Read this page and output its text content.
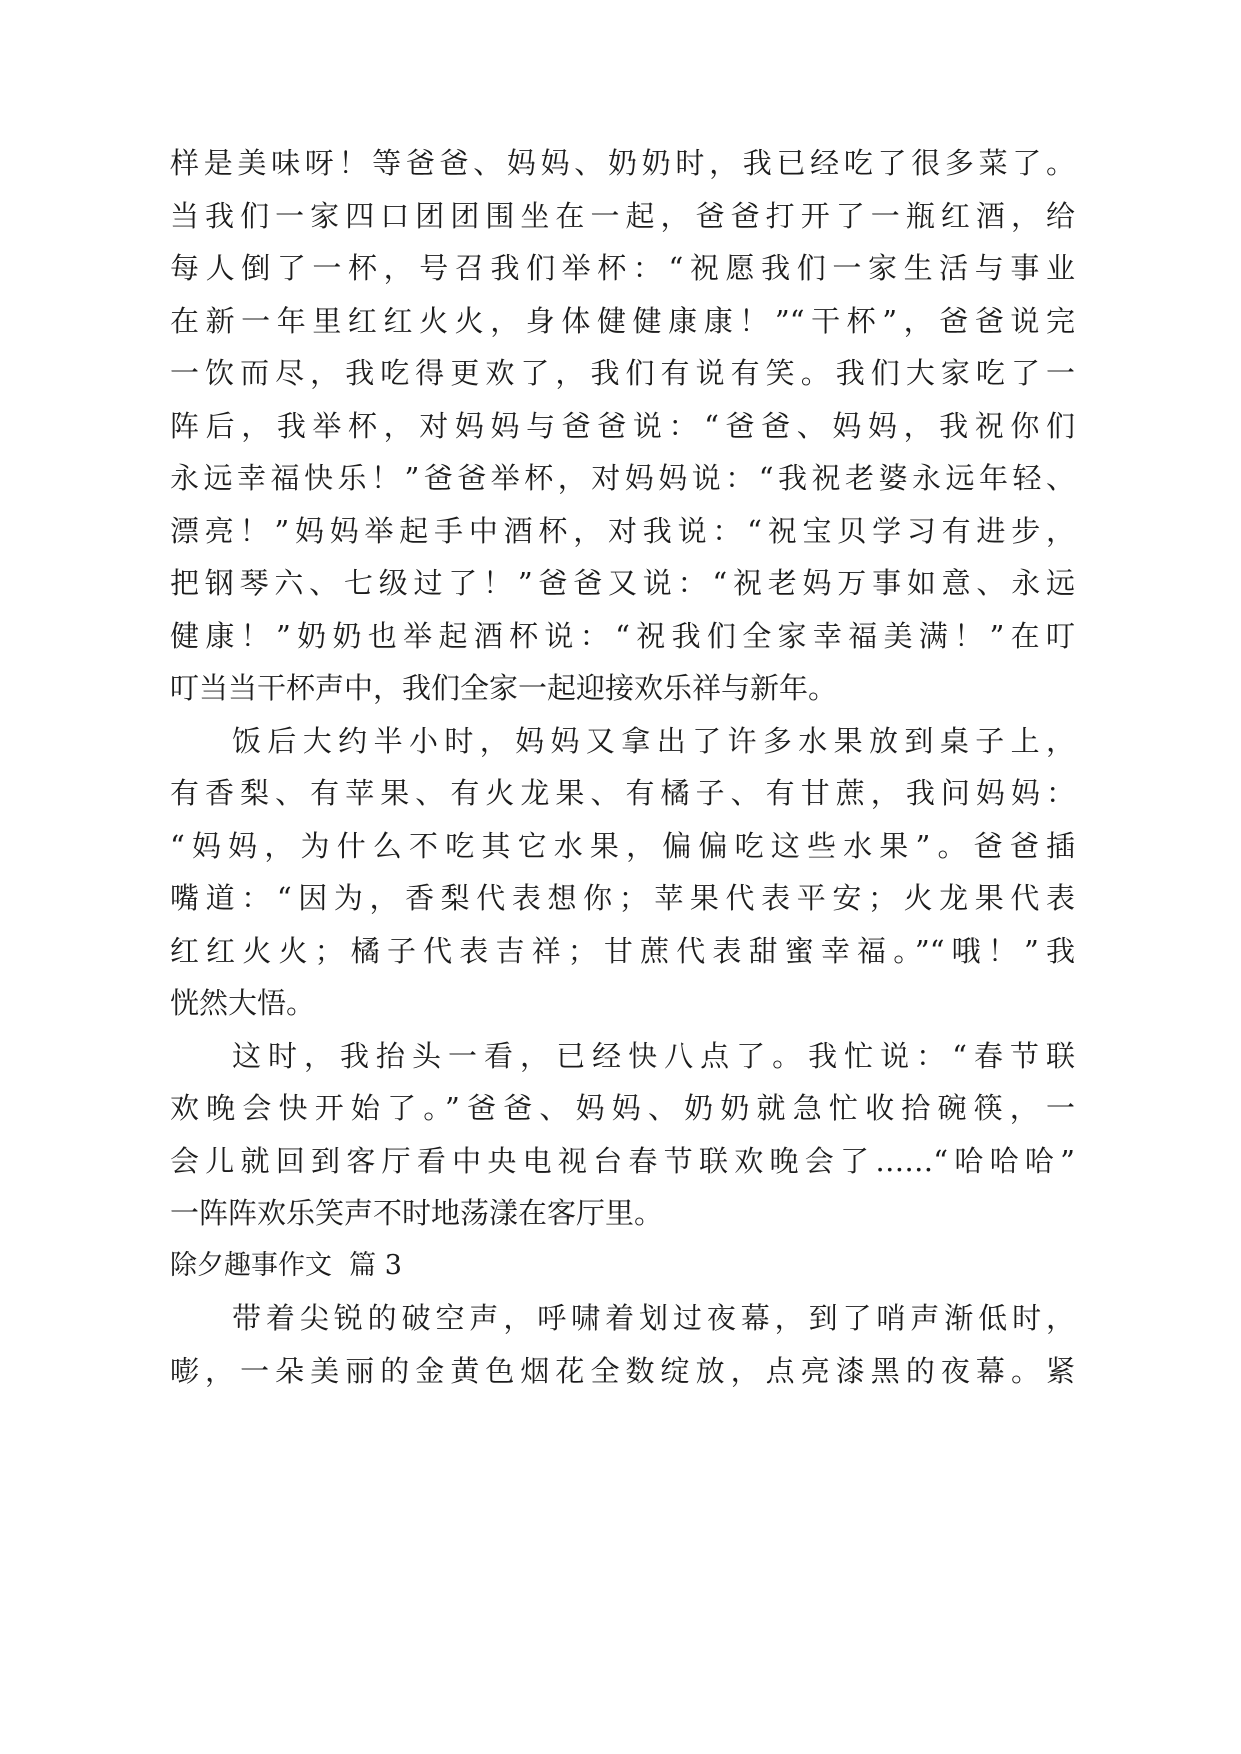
样是美味呀！等爸爸、妈妈、奶奶时，我已经吃了很多菜了。
当我们一家四口团团围坐在一起，爸爸打开了一瓶红酒，给
每人倒了一杯，号召我们举杯：“祝愿我们一家生活与事业
在新一年里红红火火，身体健健康康！”“干杯”，爸爸说完
一饮而尽，我吃得更欢了，我们有说有笑。我们大家吃了一
阵后，我举杯，对妈妈与爸爸说：“爸爸、妈妈，我祝你们
永远幸福快乐！”爸爸举杯，对妈妈说：“我祝老婆永远年轻、
漂亮！”妈妈举起手中酒杯，对我说：“祝宝贝学习有进步，
把钢琴六、七级过了！”爸爸又说：“祝老妈万事如意、永远
健康！”奶奶也举起酒杯说：“祝我们全家幸福美满！”在叮
叮当当干杯声中，我们全家一起迎接欢乐祥与新年。
饭后大约半小时，妈妈又拿出了许多水果放到桌子上，
有香梨、有苹果、有火龙果、有橘子、有甘蔗，我问妈妈：
“妈妈，为什么不吃其它水果，偏偏吃这些水果”。爸爸插
嘴道：“因为，香梨代表想你；苹果代表平安；火龙果代表
红红火火；橘子代表吉祥；甘蔗代表甜蜜幸福。”“哦！”我
恍然大悟。
这时，我抬头一看，已经快八点了。我忙说：“春节联
欢晚会快开始了。”爸爸、妈妈、奶奶就急忙收拾碗筷，一
会儿就回到客厅看中央电视台春节联欢晚会了……“哈哈哈”
一阵阵欢乐笑声不时地荡漾在客厅里。
除夕趣事作文  篇 3
带着尖锐的破空声，呼啸着划过夜幕，到了哨声渐低时，
嘭，一朵美丽的金黄色烟花全数绽放，点亮漆黑的夜幕。紧
